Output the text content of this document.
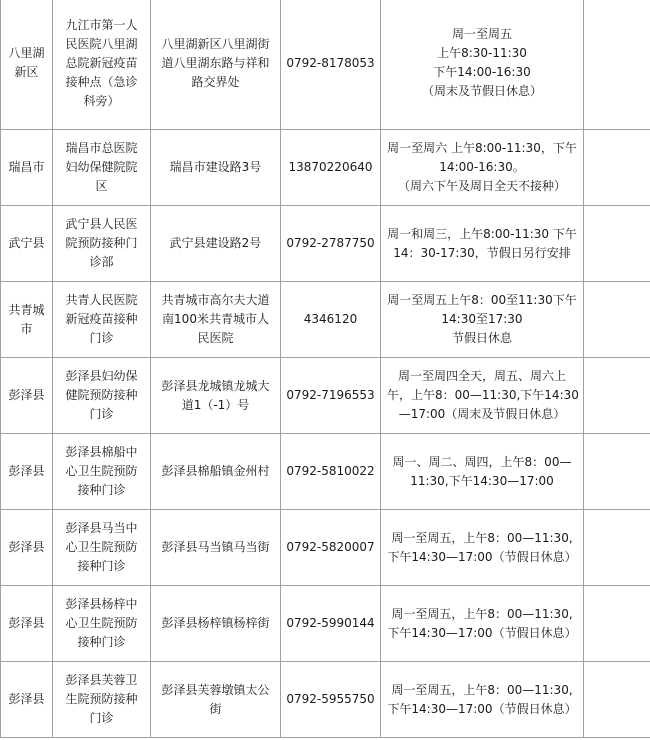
八里湖
新区	九江市第一人
民医院八里湖
总院新冠疫苗
接种点（急诊
科旁）	八里湖新区八里湖街
道八里湖东路与祥和
路交界处	0792-8178053	周一至周五
上午8:30-11:30
下午14:00-16:30
（周末及节假日休息）	

瑞昌市	瑞昌市总医院
妇幼保健院院
区	瑞昌市建设路3号	13870220640	周一至周六 上午8:00-11:30，下午
14:00-16:30。
（周六下午及周日全天不接种）	

武宁县	武宁县人民医
院预防接种门
诊部	武宁县建设路2号	0792-2787750	周一和周三，上午8:00-11:30 下午
14：30-17:30，节假日另行安排	

共青城
市	共青人民医院
新冠疫苗接种
门诊	共青城市高尔夫大道
南100米共青城市人
民医院	4346120	周一至周五上午8：00至11:30下午
14:30至17:30
节假日休息	

彭泽县	彭泽县妇幼保
健院预防接种
门诊	彭泽县龙城镇龙城大
道1（-1）号	0792-7196553	周一至周四全天，周五、周六上
午，上午8：00—11:30,下午14:30
—17:00（周末及节假日休息）	

彭泽县	彭泽县棉船中
心卫生院预防
接种门诊	彭泽县棉船镇金州村	0792-5810022	周一、周二、周四，上午8：00—
11:30,下午14:30—17:00	

彭泽县	彭泽县马当中
心卫生院预防
接种门诊	彭泽县马当镇马当街	0792-5820007	周一至周五，上午8：00—11:30,
下午14:30—17:00（节假日休息）	

彭泽县	彭泽县杨梓中
心卫生院预防
接种门诊	彭泽县杨梓镇杨梓街	0792-5990144	周一至周五，上午8：00—11:30,
下午14:30—17:00（节假日休息）	

彭泽县	彭泽县芙蓉卫
生院预防接种
门诊	彭泽县芙蓉墩镇太公
街	0792-5955750	周一至周五，上午8：00—11:30,
下午14:30—17:00（节假日休息）	
